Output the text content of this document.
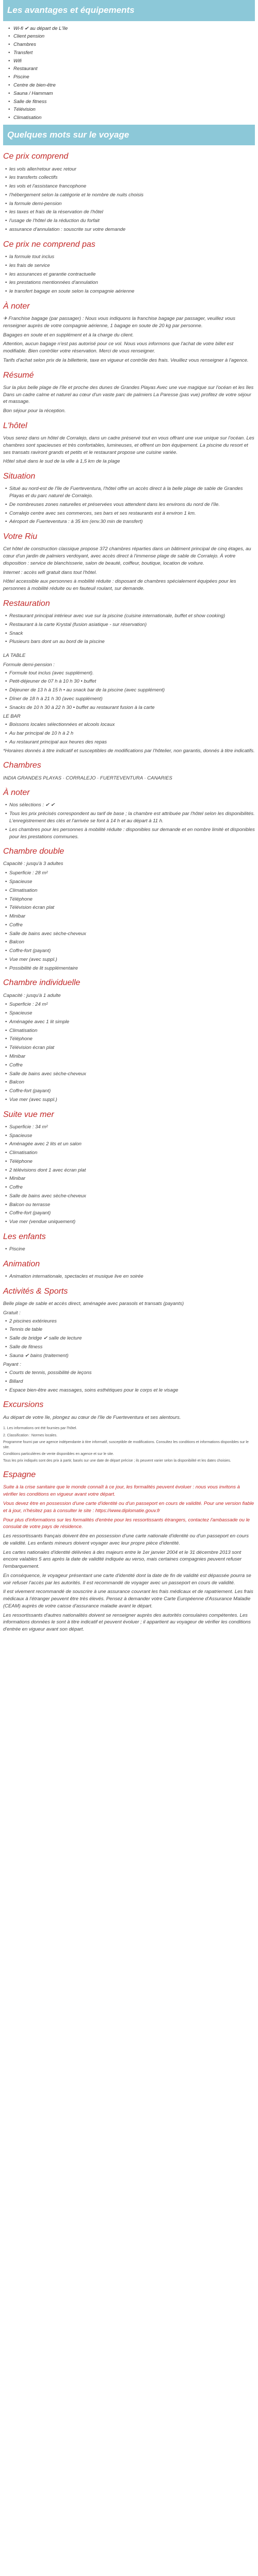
Les avantages et équipements
• Wi-fi ✔ au départ de L'île
• Client pension
• Chambres
• Transfert
• Wifi
• Restaurant
• Piscine
• Centre de bien-être
• Sauna / Hammam
• Salle de fitness
• Télévision
• Climatisation
Quelques mots sur le voyage
Ce prix comprend
• les vols aller/retour avec retour
• les transferts collectifs
• les vols et l'assistance francophone
• l'hébergement selon la catégorie et le nombre de nuits choisis
• la formule demi-pension
• les taxes et frais de la réservation de l'hôtel
• l'usage de l'hôtel de la réduction du forfait
• assurance d'annulation : souscrite sur votre demande
Ce prix ne comprend pas
• la formule tout inclus
• les frais de service
• les assurances et garantie contractuelle
• les prestations mentionnées d'annulation
• le transfert bagage en soute selon la compagnie aérienne
À noter

✈ Franchise bagage (par passager) : Nous vous indiquons la franchise bagage par passager, veuillez vous renseigner auprès de votre compagnie aérienne, 1 bagage en soute de 20 kg par personne.

Bagages en soute et en supplément et à la charge du client.

Attention, aucun bagage n'est pas autorisé pour ce vol. Nous vous informons que l'achat de votre billet est modifiable. Bien contrôler votre réservation. Merci de vous renseigner.

Tarifs d'achat selon prix de la billetterie, taxe en vigueur et contrôle des frais. Veuillez vous renseigner à l'agence.

Résumé

Sur la plus belle plage de l'île et proche des dunes de Grandes Playas Avec une vue magique sur l'océan et les îles Dans un cadre calme et naturel au cœur d'un vaste parc de palmiers La Paresse (pas vue) profitez de votre séjour et massage.

Bon séjour pour la réception.

L'hôtel

Vous serez dans un hôtel de Corralejo, dans un cadre préservé tout en vous offrant une vue unique sur l'océan. Les chambres sont spacieuses et très confortables, lumineuses, et offrent un bon équipement. La piscine du resort et ses transats raviront grands et petits et le restaurant propose une cuisine variée.

Hôtel situé dans le sud de la ville à 1,5 km de la plage

Situation
• Situé au nord-est de l'île de Fuerteventura, l'hôtel offre un accès direct à la belle plage de sable de Grandes Playas et du parc naturel de Corralejo.
• De nombreuses zones naturelles et préservées vous attendent dans les environs du nord de l'île.
• Corralejo centre avec ses commerces, ses bars et ses restaurants est à environ 1 km.
• Aéroport de Fuerteventura : à 35 km (env.30 min de transfert)
Votre Riu

Cet hôtel de construction classique propose 372 chambres réparties dans un bâtiment principal de cinq étages, au cœur d'un jardin de palmiers verdoyant, avec accès direct à l'immense plage de sable de Corralejo. À votre disposition : service de blanchisserie, salon de beauté, coiffeur, boutique, location de voiture.

Internet : accès wifi gratuit dans tout l'hôtel.

Hôtel accessible aux personnes à mobilité réduite : disposant de chambres spécialement équipées pour les personnes à mobilité réduite ou en fauteuil roulant, sur demande.

Restauration
• Restaurant principal intérieur avec vue sur la piscine (cuisine internationale, buffet et show cooking)
• Restaurant à la carte Krystal (fusion asiatique - sur réservation)
• Snack
• Plusieurs bars dont un au bord de la piscine
LA TABLE
Formule demi-pension :
• Formule tout inclus (avec supplément).
• Petit-déjeuner de 07 h à 10 h 30 • buffet
• Déjeuner de 13 h à 15 h • au snack bar de la piscine (avec supplément)
• Dîner de 18 h à 21 h 30 (avec supplément)
• Snacks de 10 h 30 à 22 h 30 • buffet au restaurant fusion à la carte
LE BAR
• Boissons locales sélectionnées et alcools locaux
• Au bar principal de 10 h à 2 h
• Au restaurant principal aux heures des repas

*Horaires donnés à titre indicatif et susceptibles de modifications par l'hôtelier, non garantis, donnés à titre indicatifs.

Chambres

INDIA GRANDES PLAYAS · CORRALEJO · FUERTEVENTURA · CANARIES

À noter
• Nos sélections : ✔ ✔
• Tous les prix précisés correspondent au tarif de base ; la chambre est attribuée par l'hôtel selon les disponibilités. L'enregistrement des clés et l'arrivée se font à 14 h et au départ à 11 h.
• Les chambres pour les personnes à mobilité réduite : disponibles sur demande et en nombre limité et disponibles pour les prestations communes.
Chambre double

Capacité : jusqu'à 3 adultes

• Superficie : 28 m²
• Spacieuse
• Climatisation
• Téléphone
• Télévision écran plat
• Minibar
• Coffre
• Salle de bains avec sèche-cheveux
• Balcon
• Coffre-fort (payant)
• Vue mer (avec suppl.)
• Possibilité de lit supplémentaire
Chambre individuelle

Capacité : jusqu'à 1 adulte

• Superficie : 24 m²
• Spacieuse
• Aménagée avec 1 lit simple
• Climatisation
• Téléphone
• Télévision écran plat
• Minibar
• Coffre
• Salle de bains avec sèche-cheveux
• Balcon
• Coffre-fort (payant)
• Vue mer (avec suppl.)
Suite vue mer
• Superficie : 34 m²
• Spacieuse
• Aménagée avec 2 lits et un salon
• Climatisation
• Téléphone
• 2 télévisions dont 1 avec écran plat
• Minibar
• Coffre
• Salle de bains avec sèche-cheveux
• Balcon ou terrasse
• Coffre-fort (payant)
• Vue mer (vendue uniquement)
Les enfants
• Piscine
Animation
• Animation internationale, spectacles et musique live en soirée
Activités & Sports

Belle plage de sable et accès direct, aménagée avec parasols et transats (payants)

Gratuit :
• 2 piscines extérieures
• Tennis de table
• Salle de bridge ✔ salle de lecture
• Salle de fitness
• Sauna ✔ bains (traitement)
Payant :
• Courts de tennis, possibilité de leçons
• Billard
• Espace bien-être avec massages, soins esthétiques pour le corps et le visage
Excursions

Au départ de votre île, plongez au cœur de l'île de Fuerteventura et ses alentours.

1. Les informations ont été fournies par l'hôtel.

2. Classification : Normes locales.

Programme fourni par une agence indépendante à titre informatif, susceptible de modifications. Consultez les conditions et informations disponibles sur le site.

Conditions particulières de vente disponibles en agence et sur le site.

Tous les prix indiqués sont des prix à partir, basés sur une date de départ précise ; ils peuvent varier selon la disponibilité et les dates choisies.

Espagne

Suite à la crise sanitaire que le monde connaît à ce jour, les formalités peuvent évoluer : nous vous invitons à vérifier les conditions en vigueur avant votre départ.

Vous devez être en possession d'une carte d'identité ou d'un passeport en cours de validité. Pour une version fiable et à jour, n'hésitez pas à consulter le site : https://www.diplomatie.gouv.fr

Pour plus d'informations sur les formalités d'entrée pour les ressortissants étrangers, contactez l'ambassade ou le consulat de votre pays de résidence.

Les ressortissants français doivent être en possession d'une carte nationale d'identité ou d'un passeport en cours de validité. Les enfants mineurs doivent voyager avec leur propre pièce d'identité.

Les cartes nationales d'identité délivrées à des majeurs entre le 1er janvier 2004 et le 31 décembre 2013 sont encore valables 5 ans après la date de validité indiquée au verso, mais certaines compagnies peuvent refuser l'embarquement.

En conséquence, le voyageur présentant une carte d'identité dont la date de fin de validité est dépassée pourra se voir refuser l'accès par les autorités. Il est recommandé de voyager avec un passeport en cours de validité.

Il est vivement recommandé de souscrire à une assurance couvrant les frais médicaux et de rapatriement. Les frais médicaux à l'étranger peuvent être très élevés. Pensez à demander votre Carte Européenne d'Assurance Maladie (CEAM) auprès de votre caisse d'assurance maladie avant le départ.

Les ressortissants d'autres nationalités doivent se renseigner auprès des autorités consulaires compétentes. Les informations données le sont à titre indicatif et peuvent évoluer ; il appartient au voyageur de vérifier les conditions d'entrée en vigueur avant son départ.
